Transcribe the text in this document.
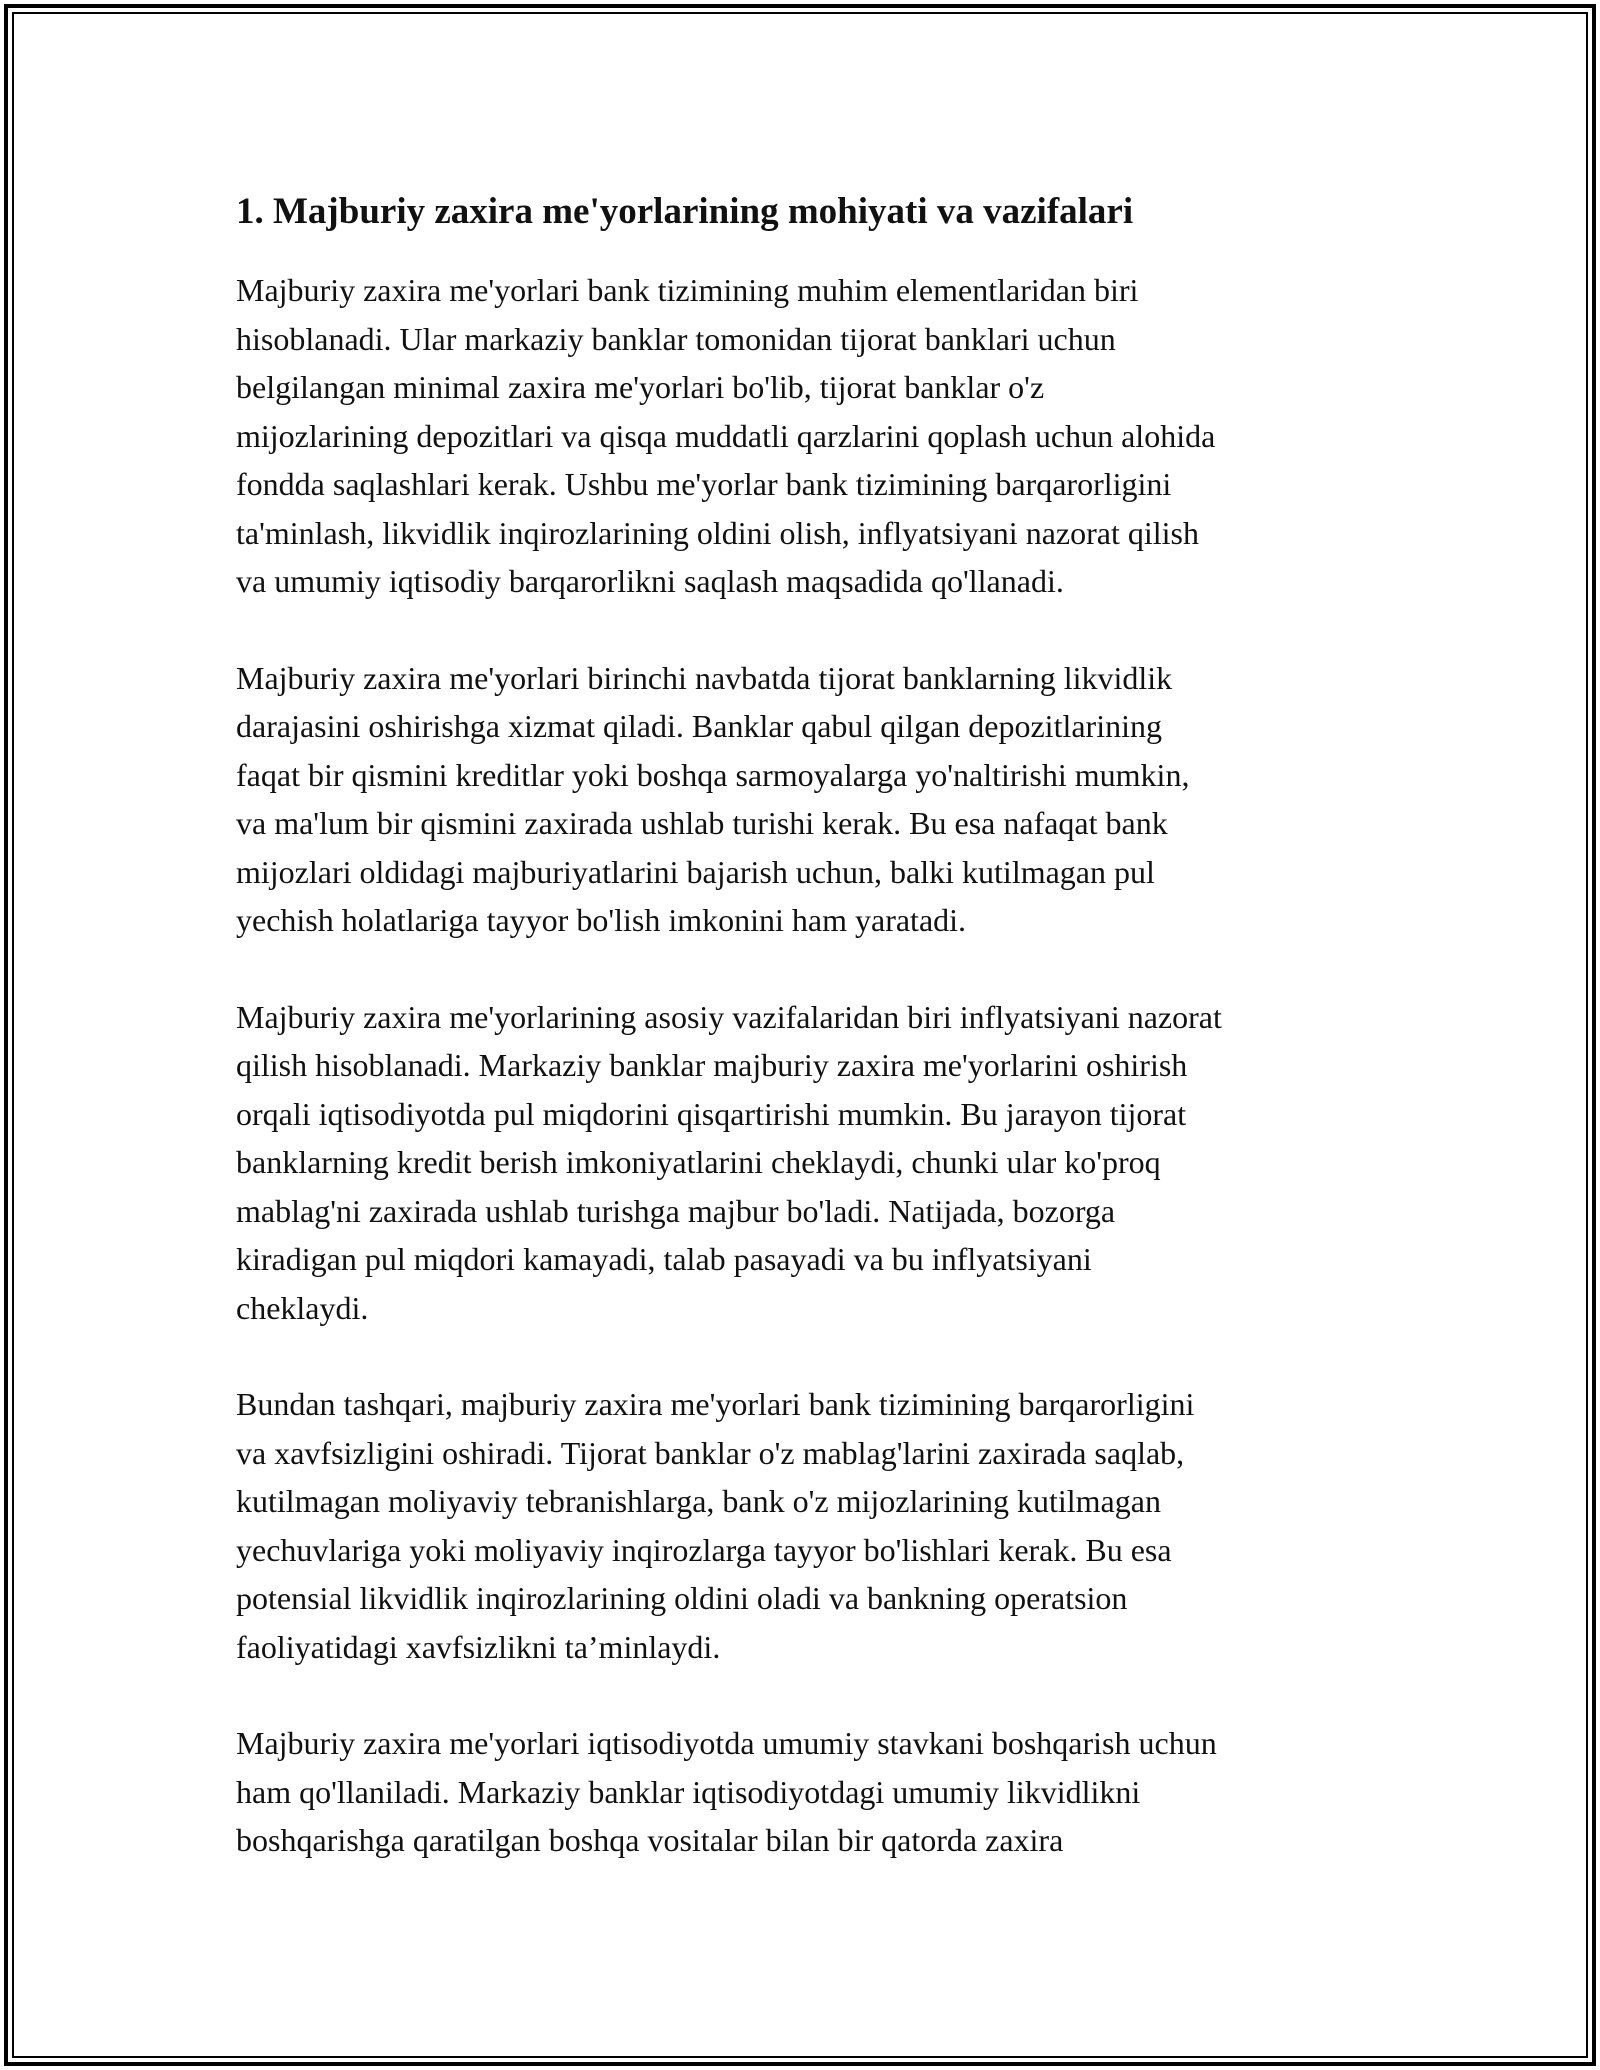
1. Majburiy zaxira me'yorlarining mohiyati va vazifalari

Majburiy zaxira me'yorlari bank tizimining muhim elementlaridan biri
hisoblanadi. Ular markaziy banklar tomonidan tijorat banklari uchun
belgilangan minimal zaxira me'yorlari bo'lib, tijorat banklar o'z
mijozlarining depozitlari va qisqa muddatli qarzlarini qoplash uchun alohida
fondda saqlashlari kerak. Ushbu me'yorlar bank tizimining barqarorligini
ta'minlash, likvidlik inqirozlarining oldini olish, inflyatsiyani nazorat qilish
va umumiy iqtisodiy barqarorlikni saqlash maqsadida qo'llanadi.

Majburiy zaxira me'yorlari birinchi navbatda tijorat banklarning likvidlik
darajasini oshirishga xizmat qiladi. Banklar qabul qilgan depozitlarining
faqat bir qismini kreditlar yoki boshqa sarmoyalarga yo'naltirishi mumkin,
va ma'lum bir qismini zaxirada ushlab turishi kerak. Bu esa nafaqat bank
mijozlari oldidagi majburiyatlarini bajarish uchun, balki kutilmagan pul
yechish holatlariga tayyor bo'lish imkonini ham yaratadi.

Majburiy zaxira me'yorlarining asosiy vazifalaridan biri inflyatsiyani nazorat
qilish hisoblanadi. Markaziy banklar majburiy zaxira me'yorlarini oshirish
orqali iqtisodiyotda pul miqdorini qisqartirishi mumkin. Bu jarayon tijorat
banklarning kredit berish imkoniyatlarini cheklaydi, chunki ular ko'proq
mablag'ni zaxirada ushlab turishga majbur bo'ladi. Natijada, bozorga
kiradigan pul miqdori kamayadi, talab pasayadi va bu inflyatsiyani
cheklaydi.

Bundan tashqari, majburiy zaxira me'yorlari bank tizimining barqarorligini
va xavfsizligini oshiradi. Tijorat banklar o'z mablag'larini zaxirada saqlab,
kutilmagan moliyaviy tebranishlarga, bank o'z mijozlarining kutilmagan
yechuvlariga yoki moliyaviy inqirozlarga tayyor bo'lishlari kerak. Bu esa
potensial likvidlik inqirozlarining oldini oladi va bankning operatsion
faoliyatidagi xavfsizlikni ta’minlaydi.

Majburiy zaxira me'yorlari iqtisodiyotda umumiy stavkani boshqarish uchun
ham qo'llaniladi. Markaziy banklar iqtisodiyotdagi umumiy likvidlikni
boshqarishga qaratilgan boshqa vositalar bilan bir qatorda zaxira
